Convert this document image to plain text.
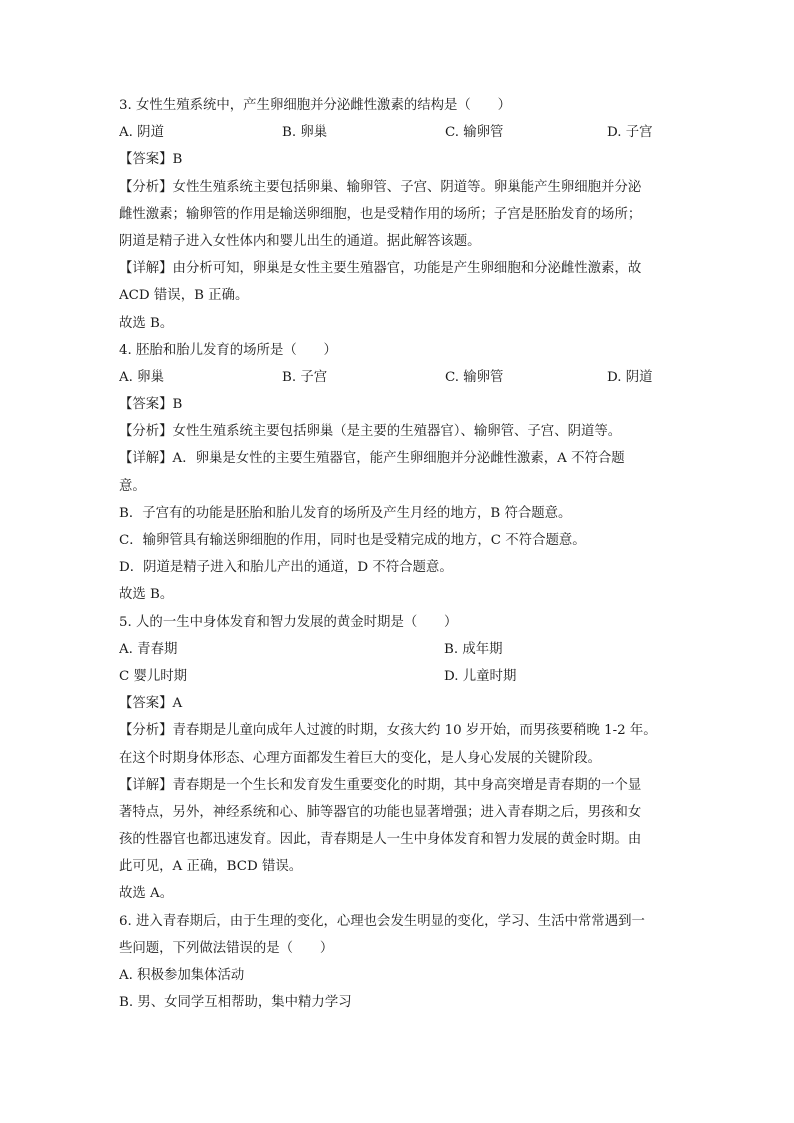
3. 女性生殖系统中，产生卵细胞并分泌雌性激素的结构是（　　）
A. 阴道	B. 卵巢	C. 输卵管	D. 子宫
【答案】B
【分析】女性生殖系统主要包括卵巢、输卵管、子宫、阴道等。卵巢能产生卵细胞并分泌
雌性激素；输卵管的作用是输送卵细胞，也是受精作用的场所；子宫是胚胎发育的场所；
阴道是精子进入女性体内和婴儿出生的通道。据此解答该题。
【详解】由分析可知，卵巢是女性主要生殖器官，功能是产生卵细胞和分泌雌性激素，故
ACD 错误，B 正确。
故选 B。
4. 胚胎和胎儿发育的场所是（　　）
A. 卵巢	B. 子宫	C. 输卵管	D. 阴道
【答案】B
【分析】女性生殖系统主要包括卵巢（是主要的生殖器官）、输卵管、子宫、阴道等。
【详解】A．卵巢是女性的主要生殖器官，能产生卵细胞并分泌雌性激素，A 不符合题
意。
B．子宫有的功能是胚胎和胎儿发育的场所及产生月经的地方，B 符合题意。
C．输卵管具有输送卵细胞的作用，同时也是受精完成的地方，C 不符合题意。
D．阴道是精子进入和胎儿产出的通道，D 不符合题意。
故选 B。
5. 人的一生中身体发育和智力发展的黄金时期是（　　）
A. 青春期	B. 成年期
C 婴儿时期	D. 儿童时期
【答案】A
【分析】青春期是儿童向成年人过渡的时期，女孩大约 10 岁开始，而男孩要稍晚 1-2 年。
在这个时期身体形态、心理方面都发生着巨大的变化，是人身心发展的关键阶段。
【详解】青春期是一个生长和发育发生重要变化的时期，其中身高突增是青春期的一个显
著特点，另外，神经系统和心、肺等器官的功能也显著增强；进入青春期之后，男孩和女
孩的性器官也都迅速发育。因此，青春期是人一生中身体发育和智力发展的黄金时期。由
此可见，A 正确，BCD 错误。
故选 A。
6. 进入青春期后，由于生理的变化，心理也会发生明显的变化，学习、生活中常常遇到一
些问题，下列做法错误的是（　　）
A. 积极参加集体活动
B. 男、女同学互相帮助，集中精力学习
